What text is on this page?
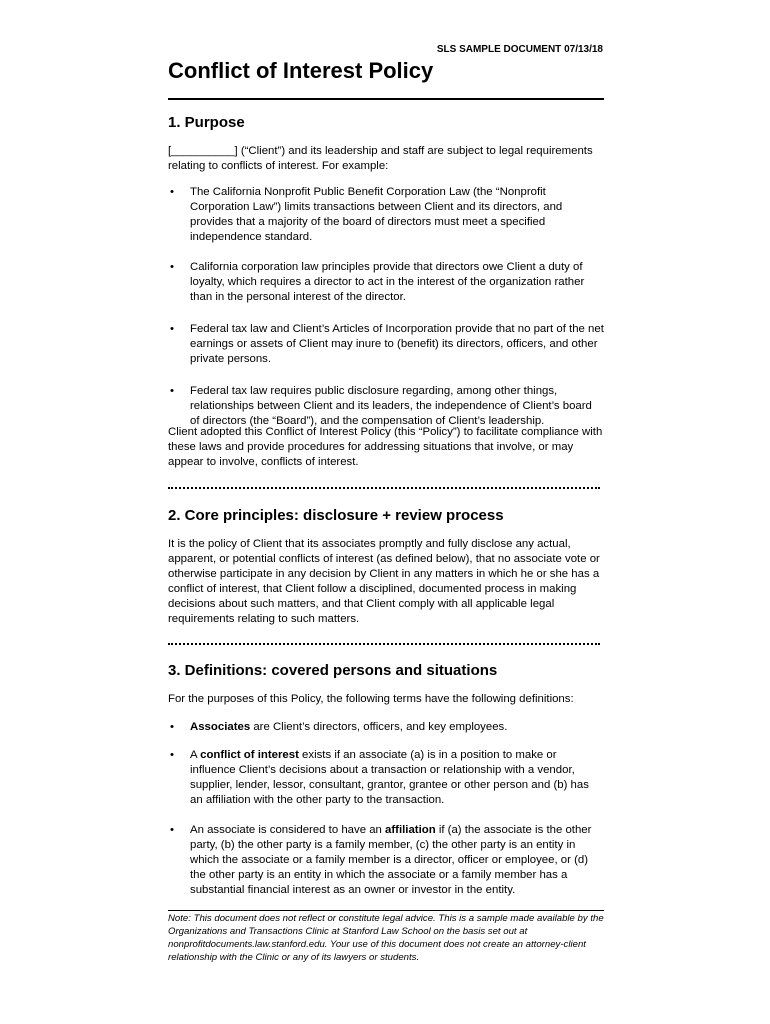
SLS SAMPLE DOCUMENT 07/13/18
Conflict of Interest Policy
1. Purpose

[__________] (“Client”) and its leadership and staff are subject to legal requirements relating to conflicts of interest. For example:

• The California Nonprofit Public Benefit Corporation Law (the “Nonprofit Corporation Law”) limits transactions between Client and its directors, and provides that a majority of the board of directors must meet a specified independence standard.
• California corporation law principles provide that directors owe Client a duty of loyalty, which requires a director to act in the interest of the organization rather than in the personal interest of the director.
• Federal tax law and Client’s Articles of Incorporation provide that no part of the net earnings or assets of Client may inure to (benefit) its directors, officers, and other private persons.
• Federal tax law requires public disclosure regarding, among other things, relationships between Client and its leaders, the independence of Client’s board of directors (the “Board”), and the compensation of Client’s leadership.

Client adopted this Conflict of Interest Policy (this “Policy”) to facilitate compliance with these laws and provide procedures for addressing situations that involve, or may appear to involve, conflicts of interest.

2. Core principles: disclosure + review process

It is the policy of Client that its associates promptly and fully disclose any actual, apparent, or potential conflicts of interest (as defined below), that no associate vote or otherwise participate in any decision by Client in any matters in which he or she has a conflict of interest, that Client follow a disciplined, documented process in making decisions about such matters, and that Client comply with all applicable legal requirements relating to such matters.

3. Definitions: covered persons and situations

For the purposes of this Policy, the following terms have the following definitions:

• Associates are Client’s directors, officers, and key employees.
• A conflict of interest exists if an associate (a) is in a position to make or influence Client’s decisions about a transaction or relationship with a vendor, supplier, lender, lessor, consultant, grantor, grantee or other person and (b) has an affiliation with the other party to the transaction.
• An associate is considered to have an affiliation if (a) the associate is the other party, (b) the other party is a family member, (c) the other party is an entity in which the associate or a family member is a director, officer or employee, or (d) the other party is an entity in which the associate or a family member has a substantial financial interest as an owner or investor in the entity.
Note: This document does not reflect or constitute legal advice. This is a sample made available by the Organizations and Transactions Clinic at Stanford Law School on the basis set out at nonprofitdocuments.law.stanford.edu. Your use of this document does not create an attorney-client relationship with the Clinic or any of its lawyers or students.
